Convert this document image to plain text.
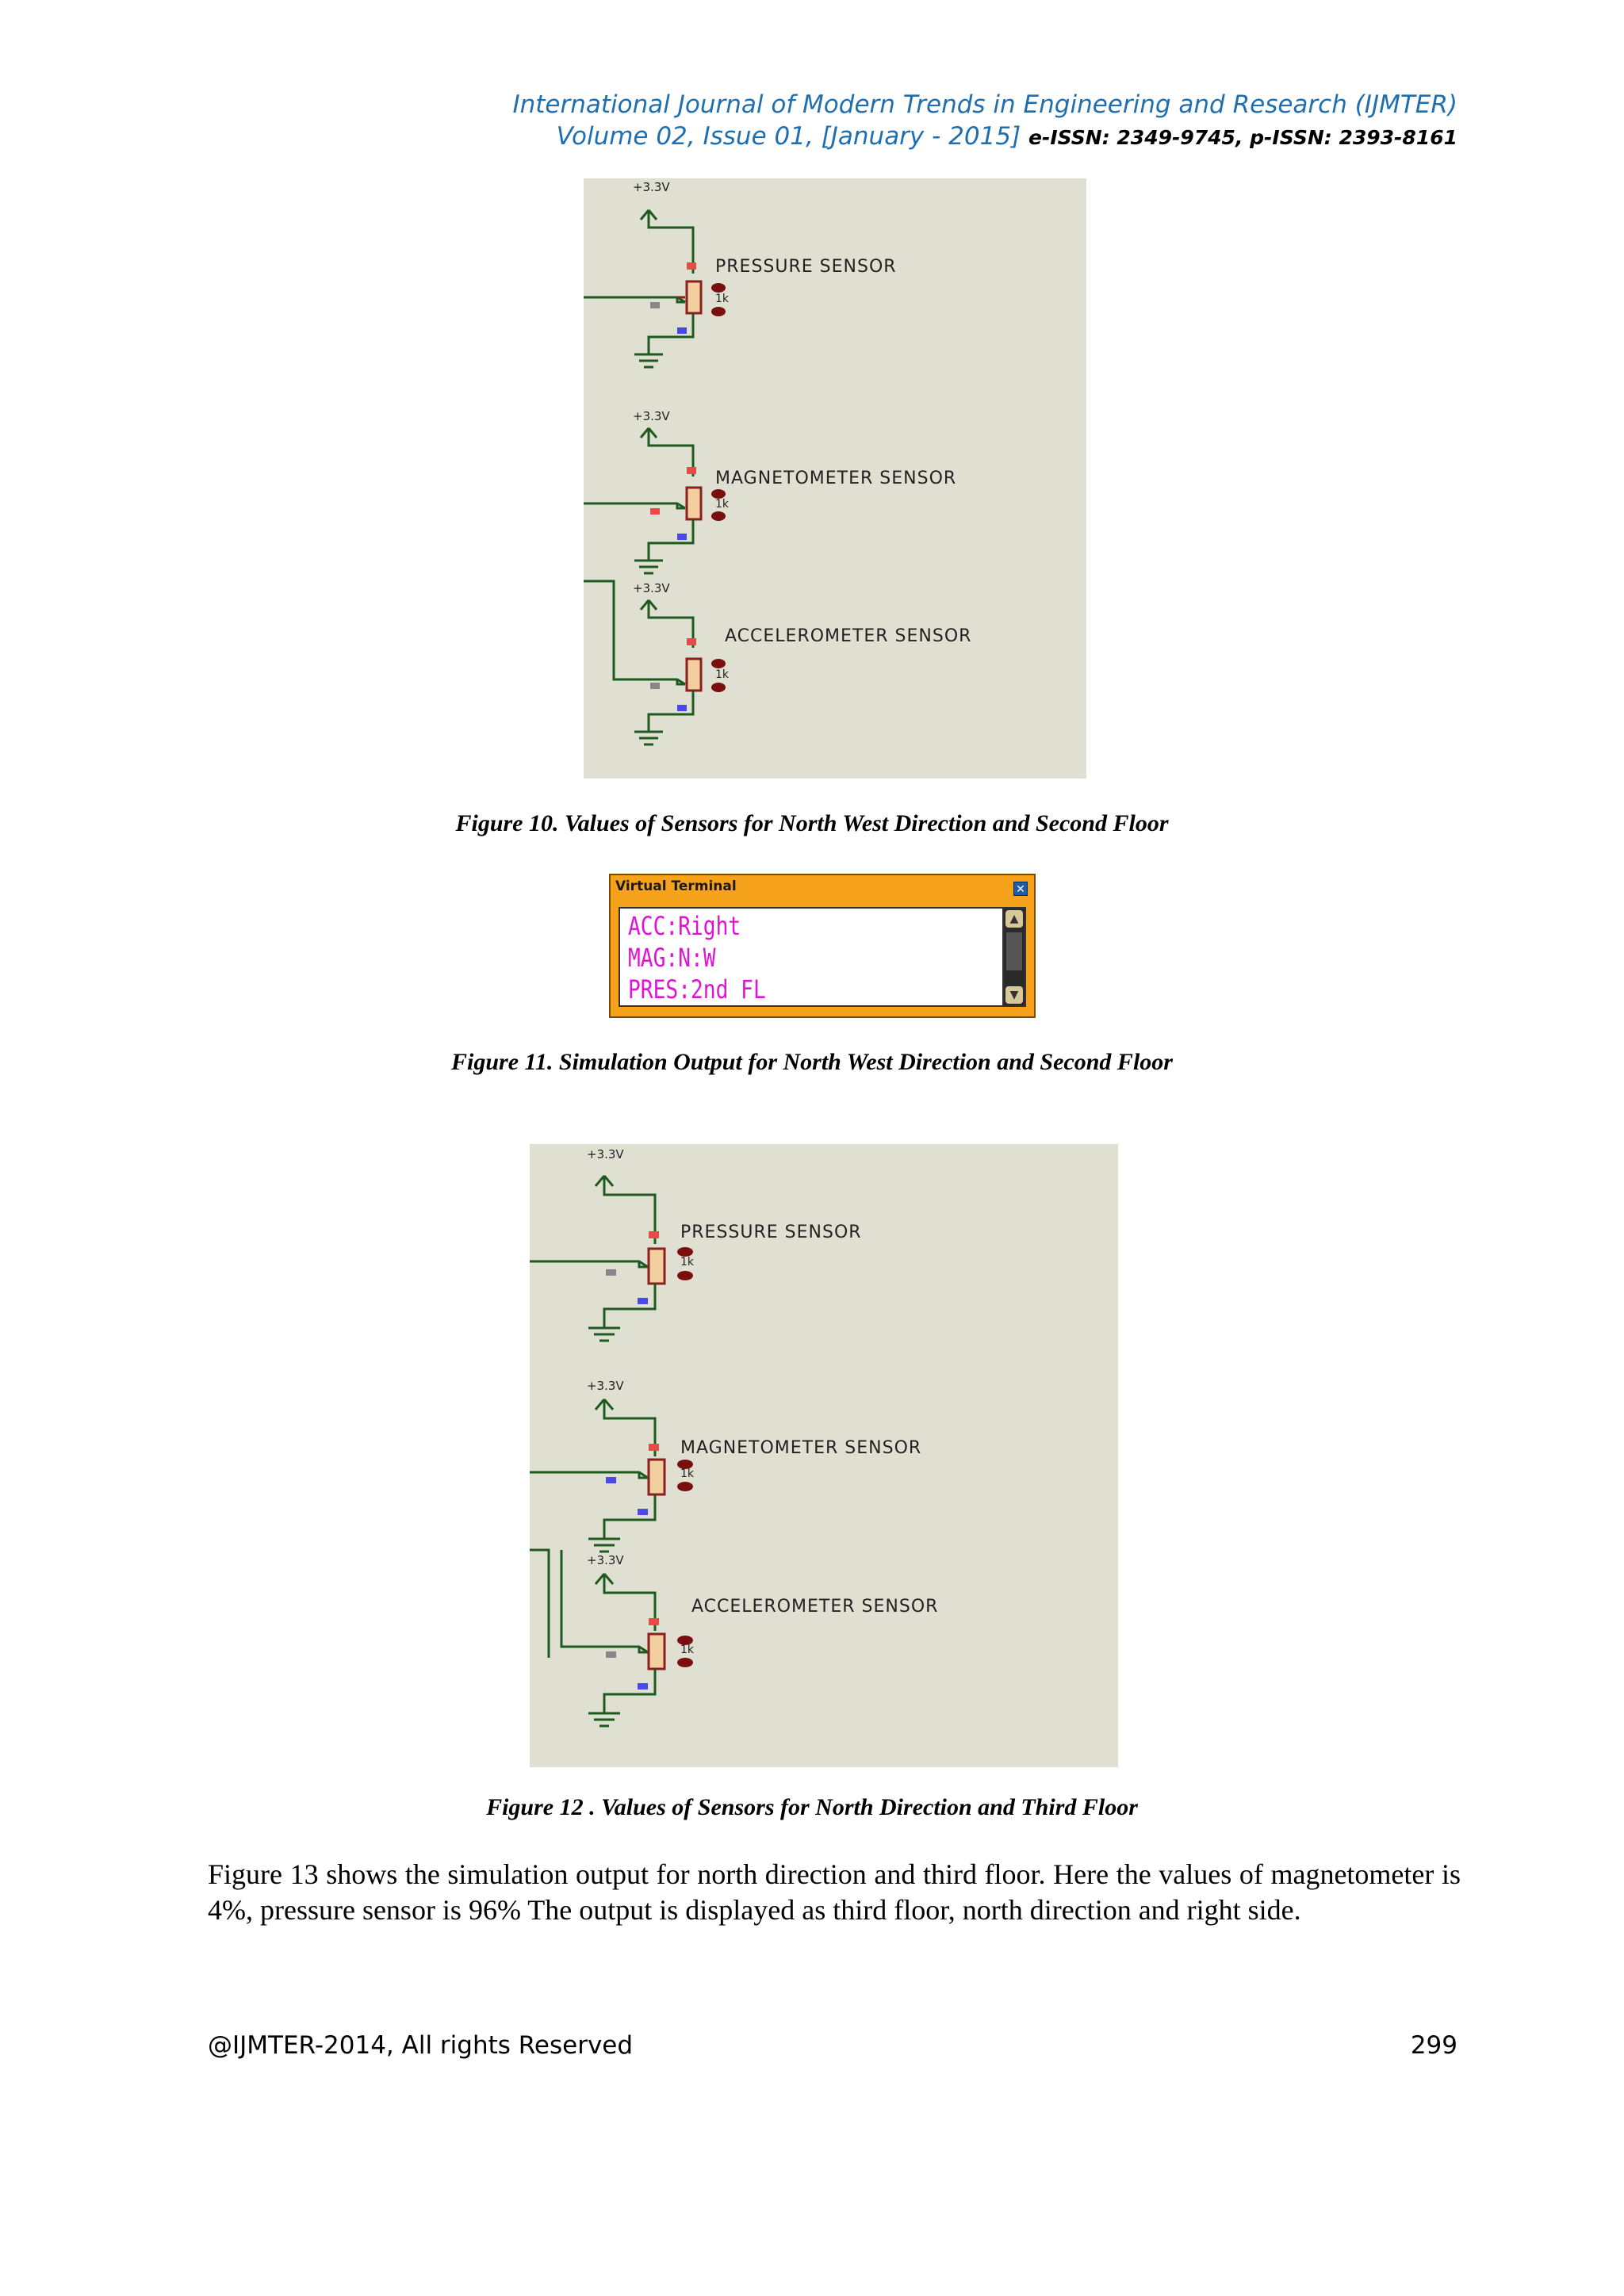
International Journal of Modern Trends in Engineering and Research (IJMTER)
Volume 02, Issue 01, [January - 2015] e-ISSN: 2349-9745, p-ISSN: 2393-8161
+3.3V
1k
PRESSURE SENSOR
+3.3V
1k
MAGNETOMETER SENSOR
+3.3V
1k
ACCELEROMETER SENSOR
Figure 10. Values of Sensors for North West Direction and Second Floor
Virtual Terminal	✕
ACC:Right
MAG:N:W
PRES:2nd FL
▲
▼
Figure 11. Simulation Output for North West Direction and Second Floor
+3.3V
1k
PRESSURE SENSOR
+3.3V
1k
MAGNETOMETER SENSOR
+3.3V
1k
ACCELEROMETER SENSOR
Figure 12 . Values of Sensors for North Direction and Third Floor
Figure 13 shows the simulation output for north direction and third floor. Here the values of magnetometer is 4%, pressure sensor is 96% The output is displayed as third floor, north direction and right side.
@IJMTER-2014, All rights Reserved	299
